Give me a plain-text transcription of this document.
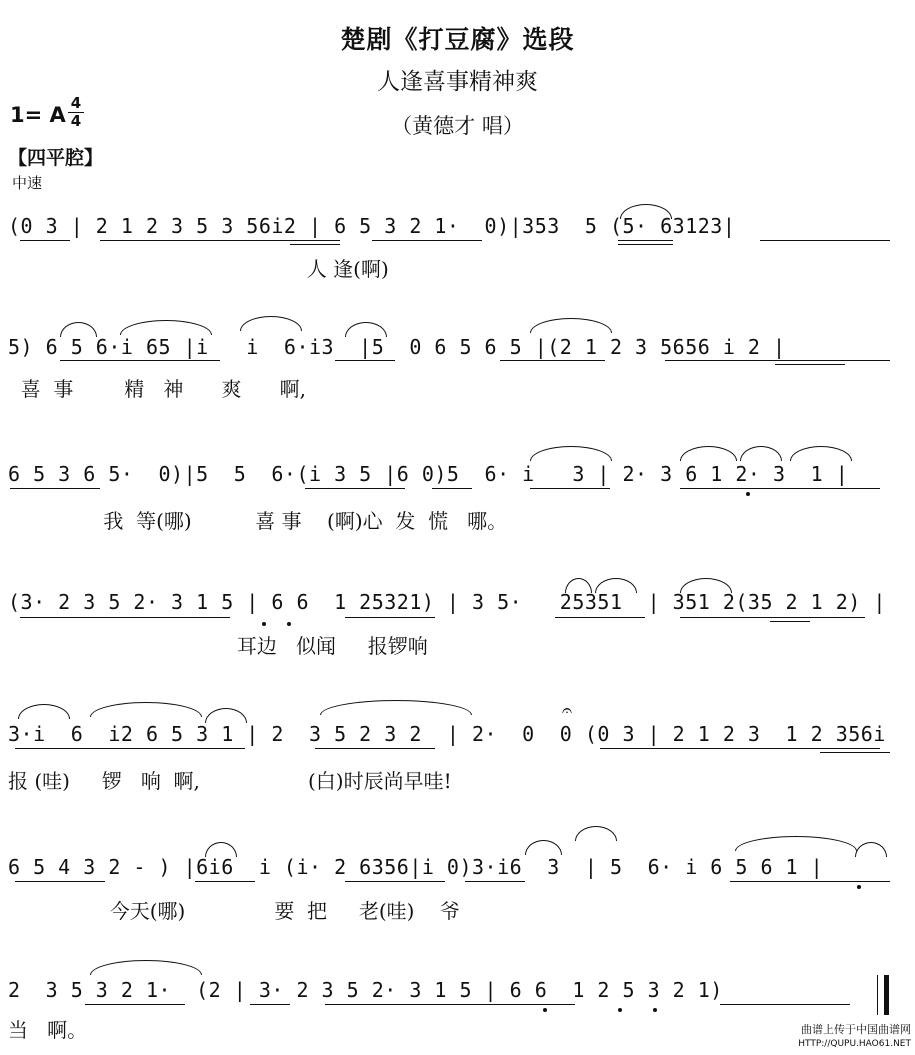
楚剧《打豆腐》选段
人逢喜事精神爽
（黄德才 唱）
1= A 4
4
【四平腔】
中速
(0 3 | 2 1 2 3 5 3 56i2 | 6 5 3 2 1·  0)|353  5 (5· 63123|
人 逢(啊)
5) 6 5 6·i 65 |i   i  6·i3  |5  0 6 5 6 5 |(2 1 2 3 5656 i 2 |
喜  事        精   神      爽      啊,
6 5 3 6 5·  0)|5  5  6·(i 3 5 |6 0)5  6· i   3 | 2· 3 6 1 2· 3  1 |
我  等(哪)          喜 事    (啊)心  发  慌   哪。
(3· 2 3 5 2· 3 1 5 | 6 6  1 25321) | 3 5·   25351  | 351 2(35 2 1 2) |
耳边   似闻     报锣响
3·i  6  i2 6 5 3 1 | 2  3 5 2 3 2  | 2·  0  0 (0 3 | 2 1 2 3  1 2 356i
报 (哇)     锣   响  啊,                 (白)时辰尚早哇!
𝄐
6 5 4 3 2 - ) |6i6  i (i· 2 6356|i 0)3·i6  3  | 5  6· i 6 5 6 1 |
今天(哪)              要  把     老(哇)    爷
2  3 5 3 2 1·  (2 | 3· 2 3 5 2· 3 1 5 | 6 6  1 2 5 3 2 1)
当   啊。	曲谱上传于中国曲谱网
HTTP://QUPU.HAO61.NET
